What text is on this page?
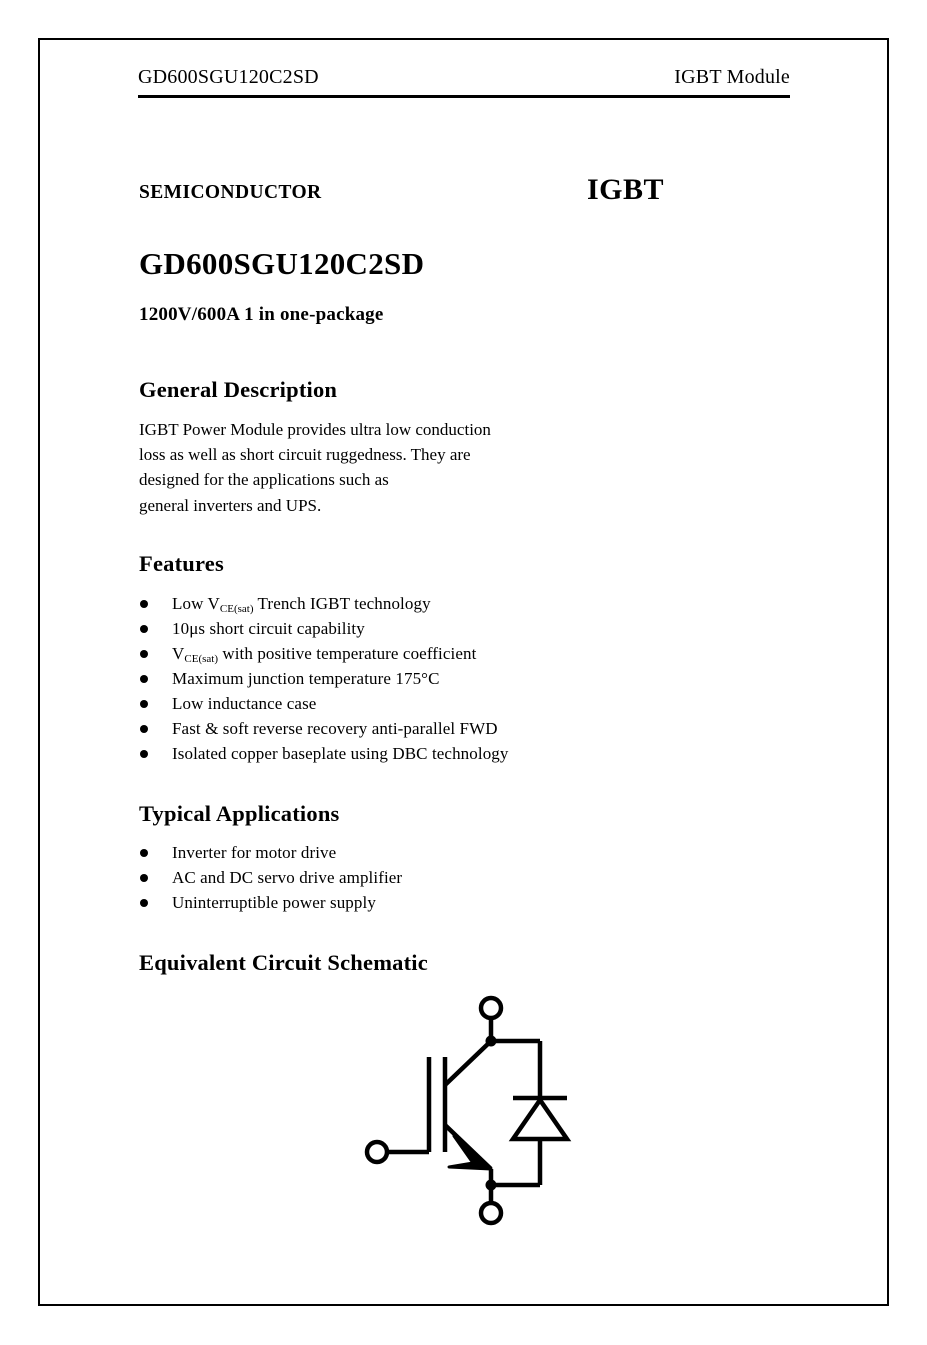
GD600SGU120C2SD	IGBT Module
SEMICONDUCTOR	IGBT
GD600SGU120C2SD
1200V/600A 1 in one-package
General Description
IGBT Power Module provides ultra low conduction
loss as well as short circuit ruggedness. They are
designed for the applications such as
general inverters and UPS.
Features
Low $V_{CE(sat)}$ Trench IGBT technology
10μs short circuit capability
$V_{CE(sat)}$ with positive temperature coefficient
Maximum junction temperature 175°C
Low inductance case
Fast & soft reverse recovery anti-parallel FWD
Isolated copper baseplate using DBC technology
Typical Applications
Inverter for motor drive
AC and DC servo drive amplifier
Uninterruptible power supply
Equivalent Circuit Schematic
